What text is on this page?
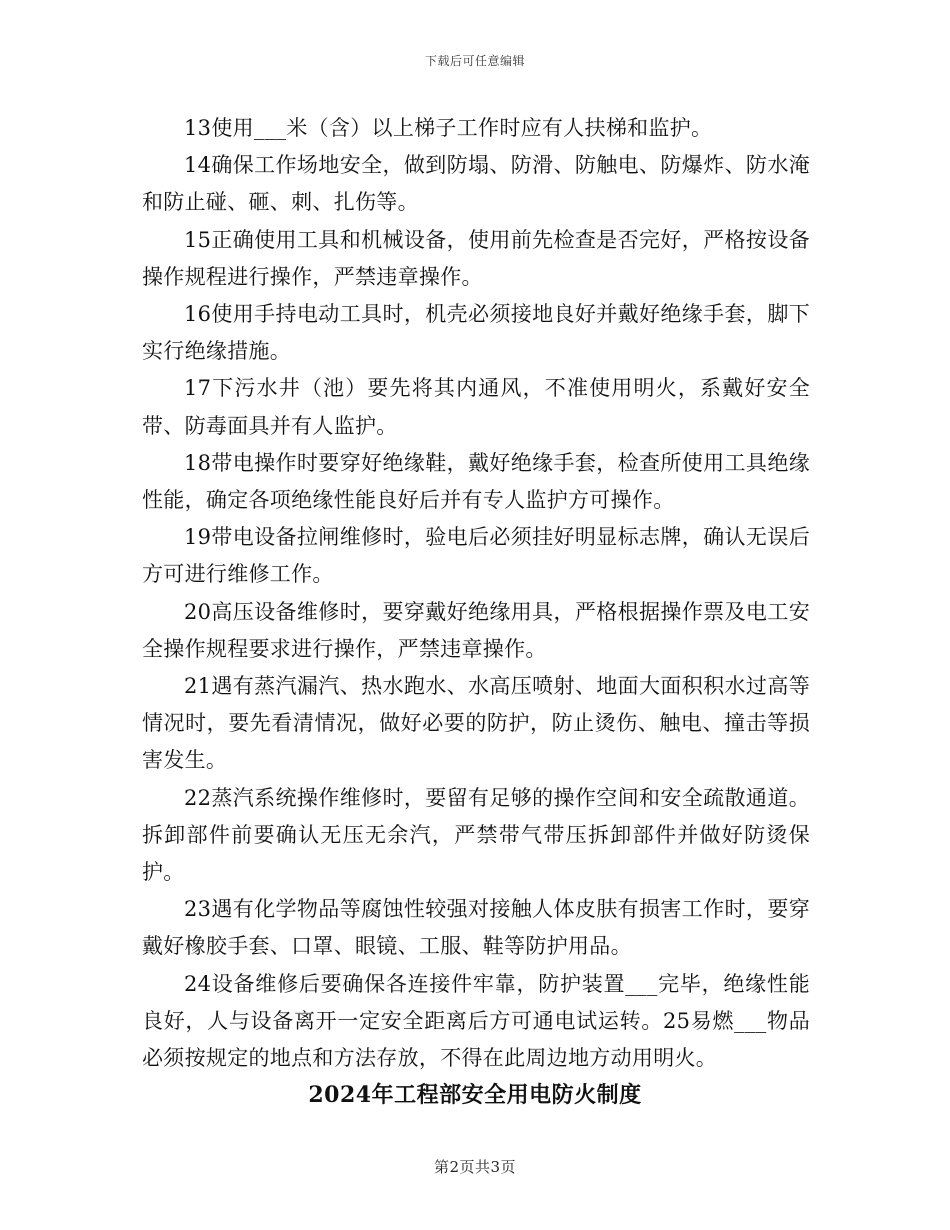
下载后可任意编辑

13使用___米（含）以上梯子工作时应有人扶梯和监护。

14确保工作场地安全，做到防塌、防滑、防触电、防爆炸、防水淹和防止碰、砸、刺、扎伤等。

15正确使用工具和机械设备，使用前先检查是否完好，严格按设备操作规程进行操作，严禁违章操作。

16使用手持电动工具时，机壳必须接地良好并戴好绝缘手套，脚下实行绝缘措施。

17下污水井（池）要先将其内通风，不准使用明火，系戴好安全带、防毒面具并有人监护。

18带电操作时要穿好绝缘鞋，戴好绝缘手套，检查所使用工具绝缘性能，确定各项绝缘性能良好后并有专人监护方可操作。

19带电设备拉闸维修时，验电后必须挂好明显标志牌，确认无误后方可进行维修工作。

20高压设备维修时，要穿戴好绝缘用具，严格根据操作票及电工安全操作规程要求进行操作，严禁违章操作。

21遇有蒸汽漏汽、热水跑水、水高压喷射、地面大面积积水过高等情况时，要先看清情况，做好必要的防护，防止烫伤、触电、撞击等损害发生。

22蒸汽系统操作维修时，要留有足够的操作空间和安全疏散通道。拆卸部件前要确认无压无余汽，严禁带气带压拆卸部件并做好防烫保护。

23遇有化学物品等腐蚀性较强对接触人体皮肤有损害工作时，要穿戴好橡胶手套、口罩、眼镜、工服、鞋等防护用品。

24设备维修后要确保各连接件牢靠，防护装置___完毕，绝缘性能良好，人与设备离开一定安全距离后方可通电试运转。25易燃___物品必须按规定的地点和方法存放，不得在此周边地方动用明火。

2024年工程部安全用电防火制度
第2页共3页
